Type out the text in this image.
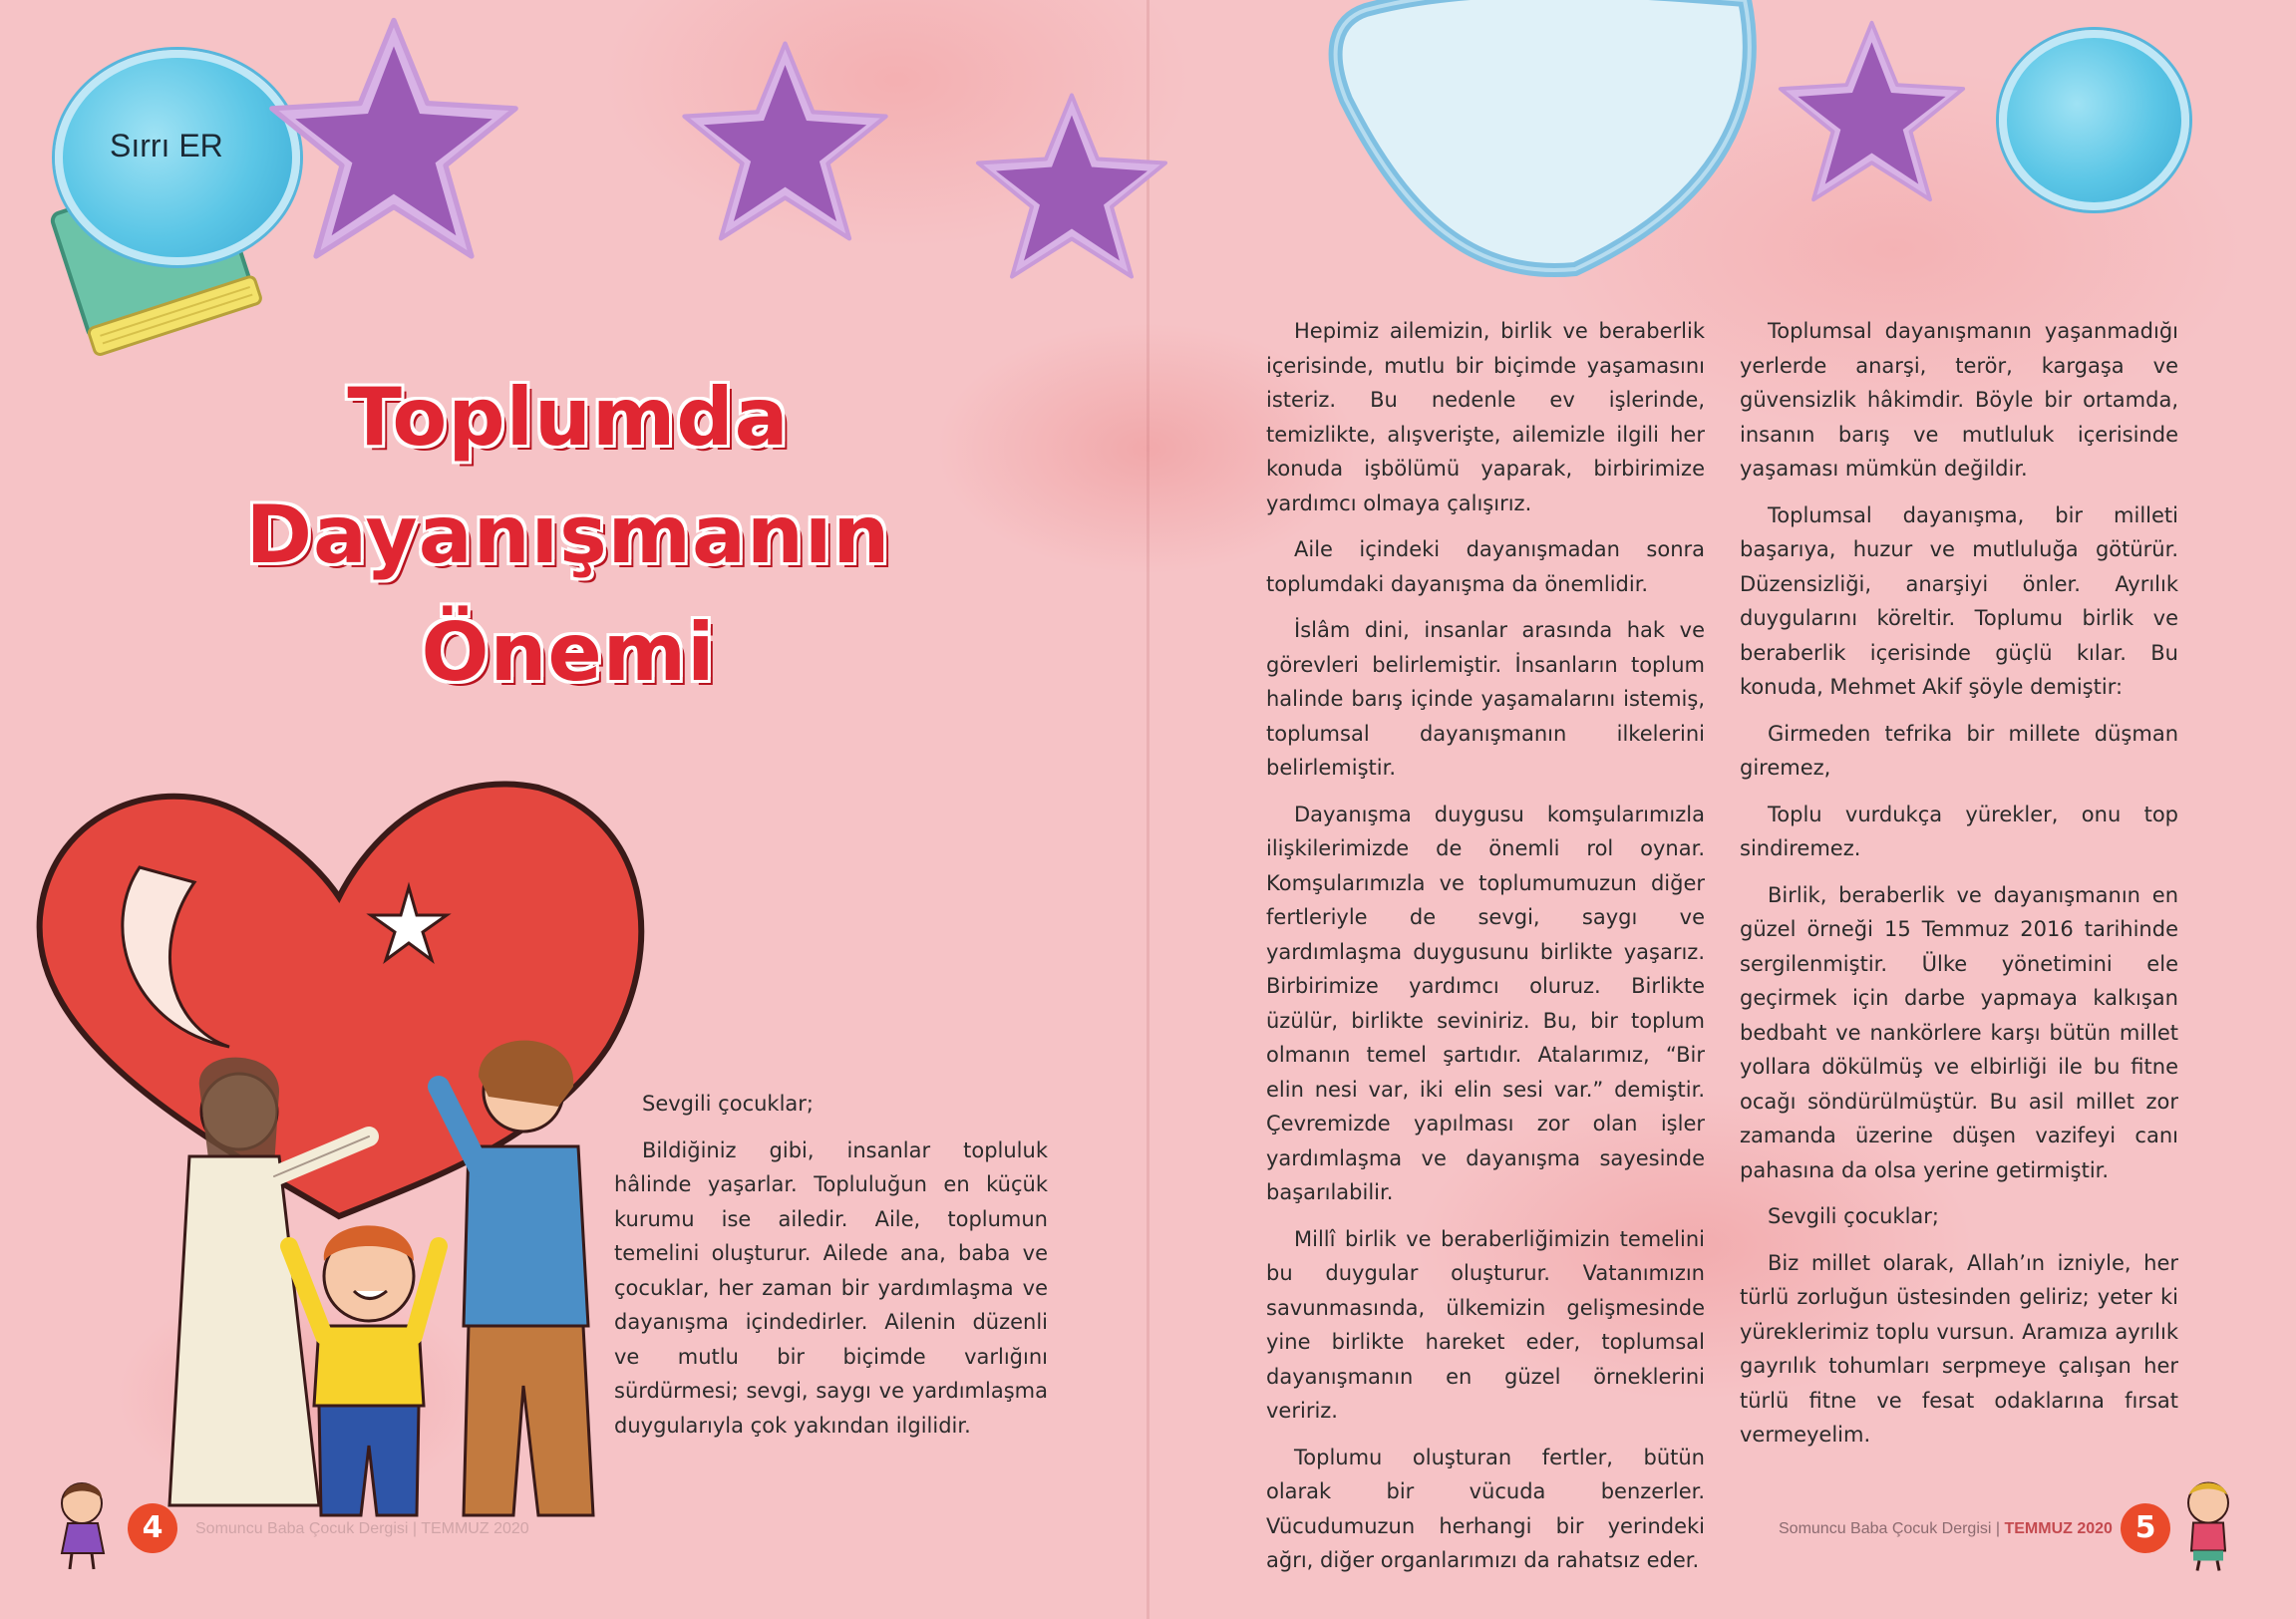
Sırrı ER
Toplumda
Dayanışmanın
Önemi

Sevgili çocuklar;

Bildiğiniz gibi, insanlar topluluk hâlinde yaşarlar. Topluluğun en küçük kurumu ise ailedir. Aile, toplumun temelini oluşturur. Ailede ana, baba ve çocuklar, her zaman bir yardımlaşma ve dayanışma içindedirler. Ailenin düzenli ve mutlu bir biçimde varlığını sürdürmesi; sevgi, saygı ve yardımlaşma duygularıyla çok yakından ilgilidir.

4	Somuncu Baba Çocuk Dergisi | TEMMUZ 2020

Hepimiz ailemizin, birlik ve beraberlik içerisinde, mutlu bir biçimde yaşamasını isteriz. Bu nedenle ev işlerinde, temizlikte, alışverişte, ailemizle ilgili her konuda işbölümü yaparak, birbirimize yardımcı olmaya çalışırız.

Aile içindeki dayanışmadan sonra toplumdaki dayanışma da önemlidir.

İslâm dini, insanlar arasında hak ve görevleri belirlemiştir. İnsanların toplum halinde barış içinde yaşamalarını istemiş, toplumsal dayanışmanın ilkelerini belirlemiştir.

Dayanışma duygusu komşularımızla ilişkilerimizde de önemli rol oynar. Komşularımızla ve toplumumuzun diğer fertleriyle de sevgi, saygı ve yardımlaşma duygusunu birlikte yaşarız. Birbirimize yardımcı oluruz. Birlikte üzülür, birlikte seviniriz. Bu, bir toplum olmanın temel şartıdır. Atalarımız, “Bir elin nesi var, iki elin sesi var.” demiştir. Çevremizde yapılması zor olan işler yardımlaşma ve dayanışma sayesinde başarılabilir.

Millî birlik ve beraberliğimizin temelini bu duygular oluşturur. Vatanımızın savunmasında, ülkemizin gelişmesinde yine birlikte hareket eder, toplumsal dayanışmanın en güzel örneklerini veririz.

Toplumu oluşturan fertler, bütün olarak bir vücuda benzerler. Vücudumuzun herhangi bir yerindeki ağrı, diğer organlarımızı da rahatsız eder.

Toplumsal dayanışmanın yaşanmadığı yerlerde anarşi, terör, kargaşa ve güvensizlik hâkimdir. Böyle bir ortamda, insanın barış ve mutluluk içerisinde yaşaması mümkün değildir.

Toplumsal dayanışma, bir milleti başarıya, huzur ve mutluluğa götürür. Düzensizliği, anarşiyi önler. Ayrılık duygularını köreltir. Toplumu birlik ve beraberlik içerisinde güçlü kılar. Bu konuda, Mehmet Akif şöyle demiştir:

Girmeden tefrika bir millete düşman giremez,

Toplu vurdukça yürekler, onu top sindiremez.

Birlik, beraberlik ve dayanışmanın en güzel örneği 15 Temmuz 2016 tarihinde sergilenmiştir. Ülke yönetimini ele geçirmek için darbe yapmaya kalkışan bedbaht ve nankörlere karşı bütün millet yollara dökülmüş ve elbirliği ile bu fitne ocağı söndürülmüştür. Bu asil millet zor zamanda üzerine düşen vazifeyi canı pahasına da olsa yerine getirmiştir.

Sevgili çocuklar;

Biz millet olarak, Allah’ın izniyle, her türlü zorluğun üstesinden geliriz; yeter ki yüreklerimiz toplu vursun. Aramıza ayrılık gayrılık tohumları serpmeye çalışan her türlü fitne ve fesat odaklarına fırsat vermeyelim.

Somuncu Baba Çocuk Dergisi | TEMMUZ 2020 5
